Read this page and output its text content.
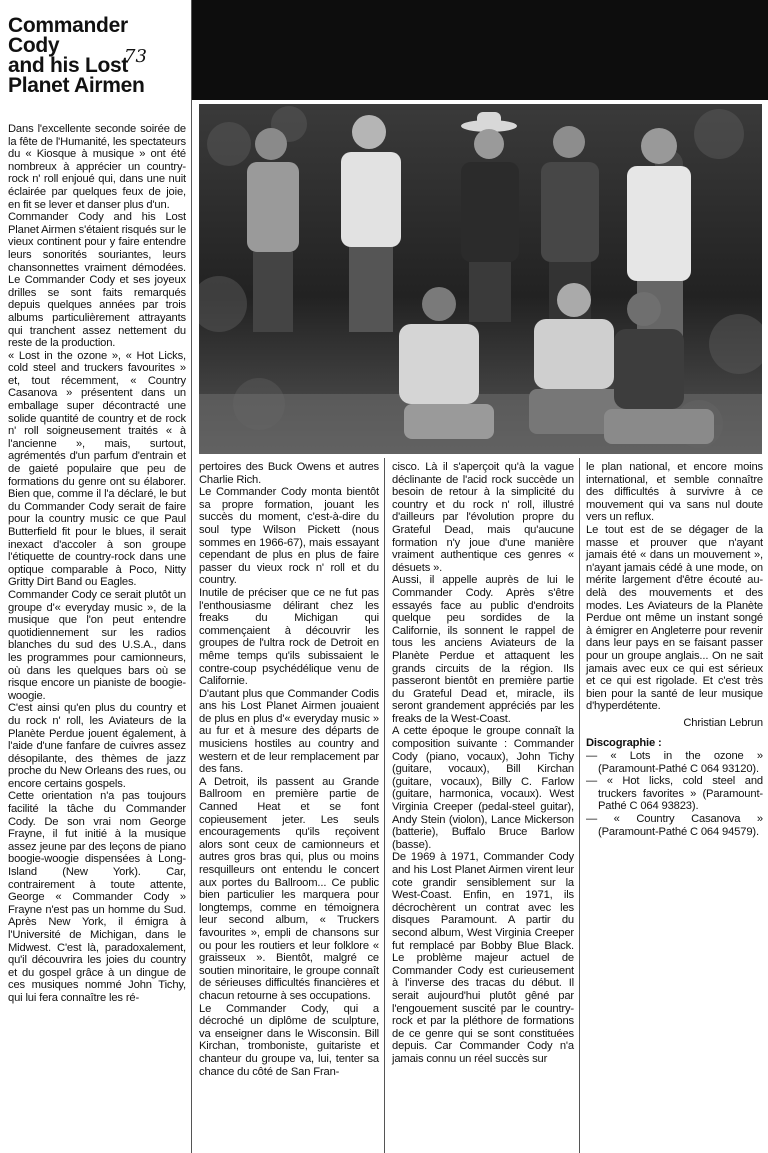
Commander
Cody
and his Lost
Planet Airmen
73

Dans l'excellente seconde soirée de la fête de l'Humanité, les spectateurs du « Kiosque à musique » ont été nombreux à apprécier un country-rock n' roll enjoué qui, dans une nuit éclairée par quelques feux de joie, en fit se lever et danser plus d'un.

Commander Cody and his Lost Planet Airmen s'étaient risqués sur le vieux continent pour y faire entendre leurs sonorités souriantes, leurs chansonnettes vraiment démodées. Le Commander Cody et ses joyeux drilles se sont faits remarqués depuis quelques années par trois albums particulièrement attrayants qui tranchent assez nettement du reste de la production.

« Lost in the ozone », « Hot Licks, cold steel and truckers favourites » et, tout récemment, « Country Casanova » présentent dans un emballage super décontracté une solide quantité de country et de rock n' roll soigneusement traités « à l'ancienne », mais, surtout, agrémentés d'un parfum d'entrain et de gaieté populaire que peu de formations du genre ont su élaborer. Bien que, comme il l'a déclaré, le but du Commander Cody serait de faire pour la country music ce que Paul Butterfield fit pour le blues, il serait inexact d'accoler à son groupe l'étiquette de country-rock dans une optique comparable à Poco, Nitty Gritty Dirt Band ou Eagles.

Commander Cody ce serait plutôt un groupe d'« everyday music », de la musique que l'on peut entendre quotidiennement sur les radios blanches du sud des U.S.A., dans les programmes pour camionneurs, où dans les quelques bars où se risque encore un pianiste de boogie-woogie.

C'est ainsi qu'en plus du country et du rock n' roll, les Aviateurs de la Planète Perdue jouent également, à l'aide d'une fanfare de cuivres assez désopilante, des thèmes de jazz proche du New Orleans des rues, ou encore certains gospels.

Cette orientation n'a pas toujours facilité la tâche du Commander Cody. De son vrai nom George Frayne, il fut initié à la musique assez jeune par des leçons de piano boogie-woogie dispensées à Long-Island (New York). Car, contrairement à toute attente, George « Commander Cody » Frayne n'est pas un homme du Sud. Après New York, il émigra à l'Université de Michigan, dans le Midwest. C'est là, paradoxalement, qu'il découvrira les joies du country et du gospel grâce à un dingue de ces musiques nommé John Tichy, qui lui fera connaître les ré-

pertoires des Buck Owens et autres Charlie Rich.

Le Commander Cody monta bientôt sa propre formation, jouant les succès du moment, c'est-à-dire du soul type Wilson Pickett (nous sommes en 1966-67), mais essayant cependant de plus en plus de faire passer du vieux rock n' roll et du country.

Inutile de préciser que ce ne fut pas l'enthousiasme délirant chez les freaks du Michigan qui commençaient à découvrir les groupes de l'ultra rock de Detroit en même temps qu'ils subissaient le contre-coup psychédélique venu de Californie.

D'autant plus que Commander Codis ans his Lost Planet Airmen jouaient de plus en plus d'« everyday music » au fur et à mesure des départs de musiciens hostiles au country and western et de leur remplacement par des fans.

A Detroit, ils passent au Grande Ballroom en première partie de Canned Heat et se font copieusement jeter. Les seuls encouragements qu'ils reçoivent alors sont ceux de camionneurs et autres gros bras qui, plus ou moins resquilleurs ont entendu le concert aux portes du Ballroom... Ce public bien particulier les marquera pour longtemps, comme en témoignera leur second album, « Truckers favourites », empli de chansons sur ou pour les routiers et leur folklore « graisseux ». Bientôt, malgré ce soutien minoritaire, le groupe connaît de sérieuses difficultés financières et chacun retourne à ses occupations.

Le Commander Cody, qui a décroché un diplôme de sculpture, va enseigner dans le Wisconsin. Bill Kirchan, tromboniste, guitariste et chanteur du groupe va, lui, tenter sa chance du côté de San Fran-

cisco. Là il s'aperçoit qu'à la vague déclinante de l'acid rock succède un besoin de retour à la simplicité du country et du rock n' roll, illustré d'ailleurs par l'évolution propre du Grateful Dead, mais qu'aucune formation n'y joue d'une manière vraiment authentique ces genres « désuets ».

Aussi, il appelle auprès de lui le Commander Cody. Après s'être essayés face au public d'endroits quelque peu sordides de la Californie, ils sonnent le rappel de tous les anciens Aviateurs de la Planète Perdue et attaquent les grands circuits de la région. Ils passeront bientôt en première partie du Grateful Dead et, miracle, ils seront grandement appréciés par les freaks de la West-Coast.

A cette époque le groupe connaît la composition suivante : Commander Cody (piano, vocaux), John Tichy (guitare, vocaux), Bill Kirchan (guitare, vocaux), Billy C. Farlow (guitare, harmonica, vocaux). West Virginia Creeper (pedal-steel guitar), Andy Stein (violon), Lance Mickerson (batterie), Buffalo Bruce Barlow (basse).

De 1969 à 1971, Commander Cody and his Lost Planet Airmen virent leur cote grandir sensiblement sur la West-Coast. Enfin, en 1971, ils décrochèrent un contrat avec les disques Paramount. A partir du second album, West Virginia Creeper fut remplacé par Bobby Blue Black. Le problème majeur actuel de Commander Cody est curieusement à l'inverse des tracas du début. Il serait aujourd'hui plutôt gêné par l'engouement suscité par le country-rock et par la pléthore de formations de ce genre qui se sont constituées depuis. Car Commander Cody n'a jamais connu un réel succès sur

le plan national, et encore moins international, et semble connaître des difficultés à survivre à ce mouvement qui va sans nul doute vers un reflux.

Le tout est de se dégager de la masse et prouver que n'ayant jamais été « dans un mouvement », n'ayant jamais cédé à une mode, on mérite largement d'être écouté au-delà des mouvements et des modes. Les Aviateurs de la Planète Perdue ont même un instant songé à émigrer en Angleterre pour revenir dans leur pays en se faisant passer pour un groupe anglais... On ne sait jamais avec eux ce qui est sérieux et ce qui est rigolade. Et c'est très bien pour la santé de leur musique d'hyperdétente.

Christian Lebrun
Discographie :
— « Lots in the ozone » (Paramount-Pathé C 064 93120).
— « Hot licks, cold steel and truckers favorites » (Paramount-Pathé C 064 93823).
— « Country Casanova » (Paramount-Pathé C 064 94579).
